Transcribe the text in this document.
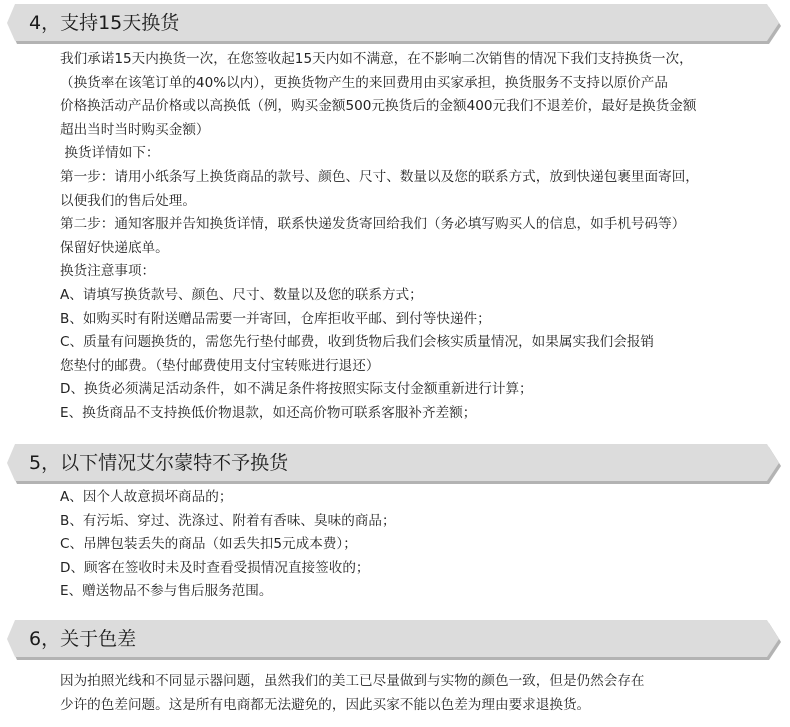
4，支持15天换货
我们承诺15天内换货一次，在您签收起15天内如不满意，在不影响二次销售的情况下我们支持换货一次，
（换货率在该笔订单的40%以内），更换货物产生的来回费用由买家承担，换货服务不支持以原价产品
价格换活动产品价格或以高换低（例，购买金额500元换货后的金额400元我们不退差价，最好是换货金额
超出当时当时购买金额）
换货详情如下：
第一步：请用小纸条写上换货商品的款号、颜色、尺寸、数量以及您的联系方式，放到快递包裹里面寄回，
以便我们的售后处理。
第二步：通知客服并告知换货详情，联系快递发货寄回给我们（务必填写购买人的信息，如手机号码等）
保留好快递底单。
换货注意事项：
A、请填写换货款号、颜色、尺寸、数量以及您的联系方式；
B、如购买时有附送赠品需要一并寄回，仓库拒收平邮、到付等快递件；
C、质量有问题换货的，需您先行垫付邮费，收到货物后我们会核实质量情况，如果属实我们会报销
您垫付的邮费。（垫付邮费使用支付宝转账进行退还）
D、换货必须满足活动条件，如不满足条件将按照实际支付金额重新进行计算；
E、换货商品不支持换低价物退款，如还高价物可联系客服补齐差额；
5，以下情况艾尔蒙特不予换货
A、因个人故意损坏商品的；
B、有污垢、穿过、洗涤过、附着有香味、臭味的商品；
C、吊牌包装丢失的商品（如丢失扣5元成本费）；
D、顾客在签收时未及时查看受损情况直接签收的；
E、赠送物品不参与售后服务范围。
6，关于色差
因为拍照光线和不同显示器问题，虽然我们的美工已尽量做到与实物的颜色一致，但是仍然会存在
少许的色差问题。这是所有电商都无法避免的，因此买家不能以色差为理由要求退换货。
